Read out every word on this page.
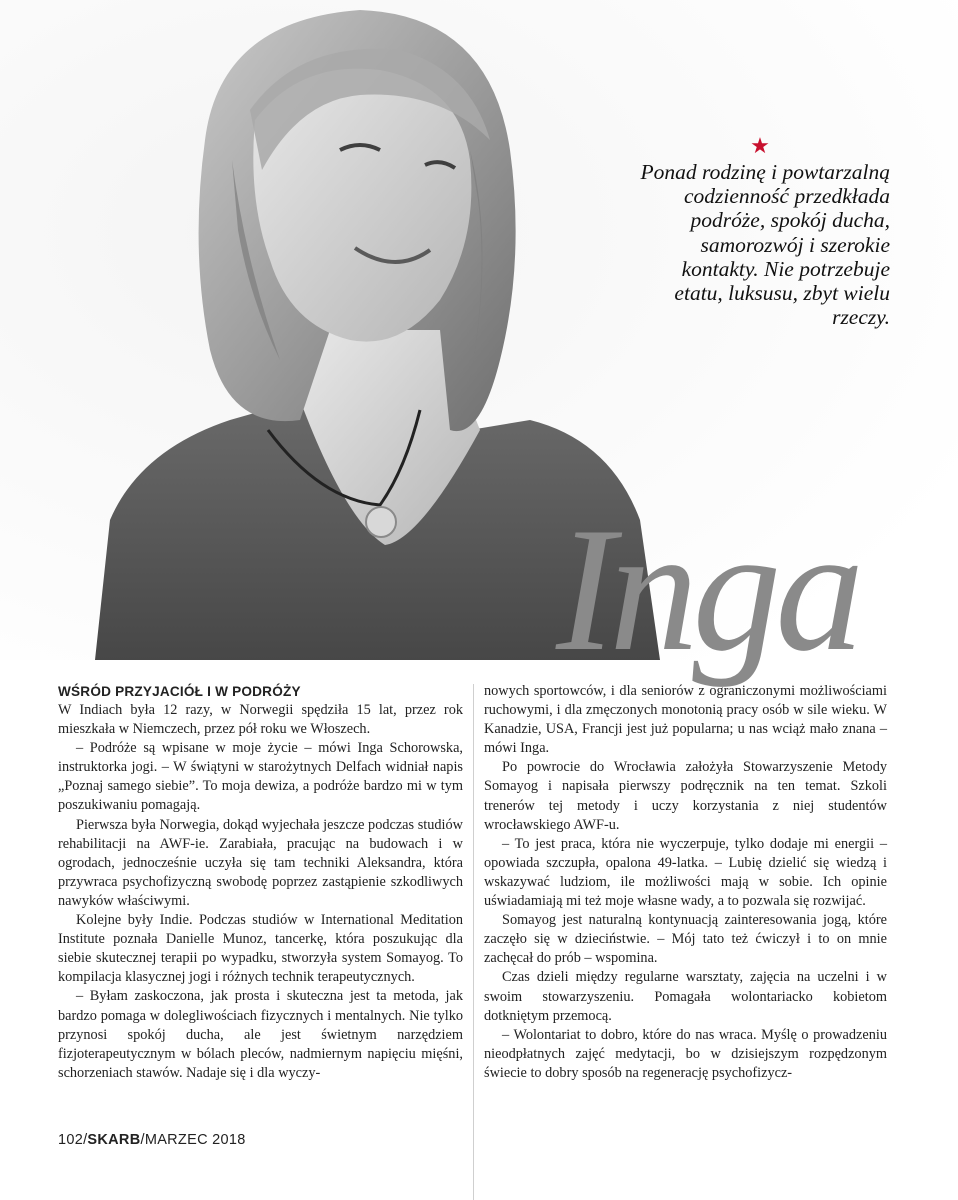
★

Ponad rodzinę i powtarzalną codzienność przedkłada podróże, spokój ducha, samorozwój i szerokie kontakty. Nie potrzebuje etatu, luksusu, zbyt wielu rzeczy.

Inga

WŚRÓD PRZYJACIÓŁ I W PODRÓŻY

W Indiach była 12 razy, w Norwegii spędziła 15 lat, przez rok mieszkała w Niemczech, przez pół roku we Włoszech.

– Podróże są wpisane w moje życie – mówi Inga Schorowska, instruktorka jogi. – W świątyni w starożytnych Delfach widniał napis „Poznaj samego siebie”. To moja dewiza, a podróże bardzo mi w tym poszukiwaniu pomagają.

Pierwsza była Norwegia, dokąd wyjechała jeszcze podczas studiów rehabilitacji na AWF-ie. Zarabiała, pracując na budowach i w ogrodach, jednocześnie uczyła się tam techniki Aleksandra, która przywraca psychofizyczną swobodę poprzez zastąpienie szkodliwych nawyków właściwymi.

Kolejne były Indie. Podczas studiów w International Meditation Institute poznała Danielle Munoz, tancerkę, która poszukując dla siebie skutecznej terapii po wypadku, stworzyła system Somayog. To kompilacja klasycznej jogi i różnych technik terapeutycznych.

– Byłam zaskoczona, jak prosta i skuteczna jest ta metoda, jak bardzo pomaga w dolegliwościach fizycznych i mentalnych. Nie tylko przynosi spokój ducha, ale jest świetnym narzędziem fizjoterapeutycznym w bólach pleców, nadmiernym napięciu mięśni, schorzeniach stawów. Nadaje się i dla wyczy-

nowych sportowców, i dla seniorów z ograniczonymi możliwościami ruchowymi, i dla zmęczonych monotonią pracy osób w sile wieku. W Kanadzie, USA, Francji jest już popularna; u nas wciąż mało znana – mówi Inga.

Po powrocie do Wrocławia założyła Stowarzyszenie Metody Somayog i napisała pierwszy podręcznik na ten temat. Szkoli trenerów tej metody i uczy korzystania z niej studentów wrocławskiego AWF-u.

– To jest praca, która nie wyczerpuje, tylko dodaje mi energii – opowiada szczupła, opalona 49-latka. – Lubię dzielić się wiedzą i wskazywać ludziom, ile możliwości mają w sobie. Ich opinie uświadamiają mi też moje własne wady, a to pozwala się rozwijać.

Somayog jest naturalną kontynuacją zainteresowania jogą, które zaczęło się w dzieciństwie. – Mój tato też ćwiczył i to on mnie zachęcał do prób – wspomina.

Czas dzieli między regularne warsztaty, zajęcia na uczelni i w swoim stowarzyszeniu. Pomagała wolontariacko kobietom dotkniętym przemocą.

– Wolontariat to dobro, które do nas wraca. Myślę o prowadzeniu nieodpłatnych zajęć medytacji, bo w dzisiejszym rozpędzonym świecie to dobry sposób na regenerację psychofizycz-

102/SKARB/MARZEC 2018
